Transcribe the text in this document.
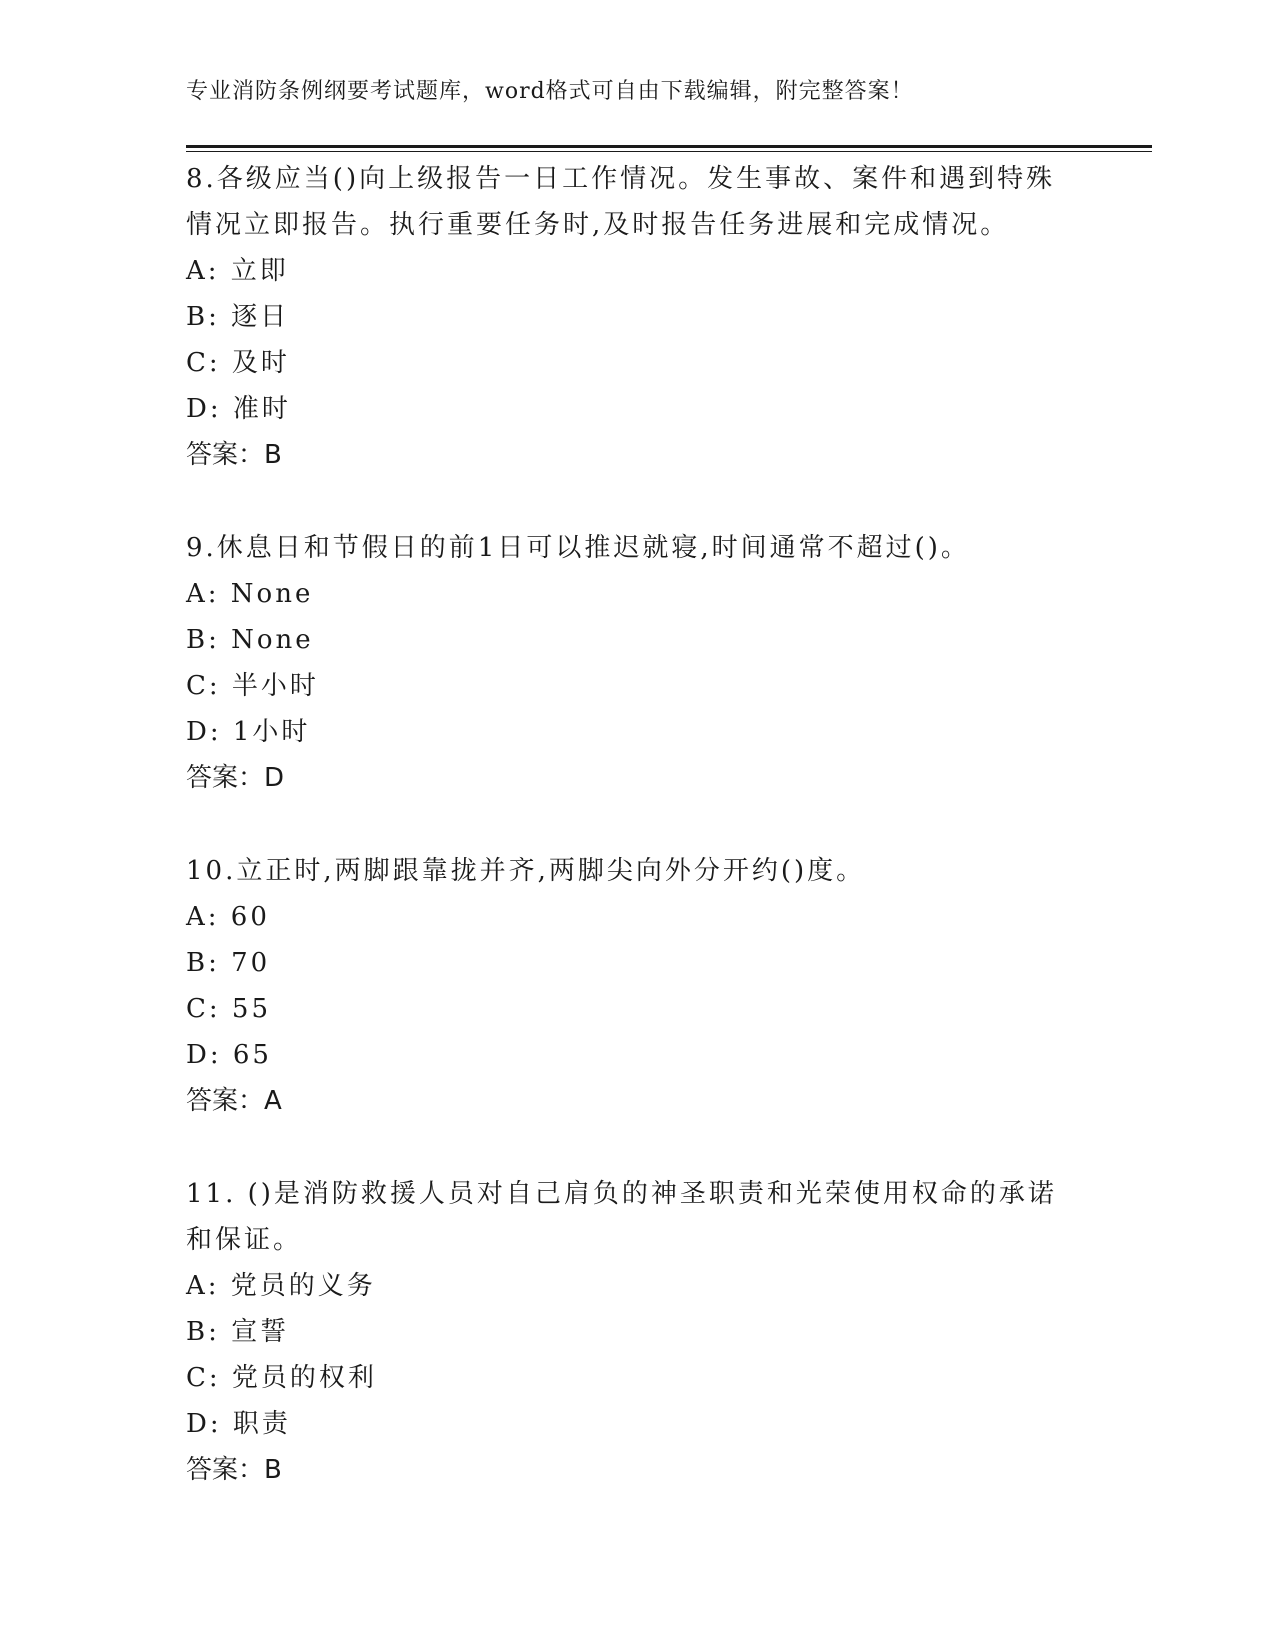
专业消防条例纲要考试题库，word格式可自由下载编辑，附完整答案！

8.各级应当()向上级报告一日工作情况。发生事故、案件和遇到特殊情况立即报告。执行重要任务时,及时报告任务进展和完成情况。

A: 立即
B: 逐日
C: 及时
D: 准时
答案：B

9.休息日和节假日的前1日可以推迟就寝,时间通常不超过()。

A: None
B: None
C: 半小时
D: 1小时
答案：D

10.立正时,两脚跟靠拢并齐,两脚尖向外分开约()度。

A: 60
B: 70
C: 55
D: 65
答案：A

11. ()是消防救援人员对自己肩负的神圣职责和光荣使用权命的承诺和保证。

A: 党员的义务
B: 宣誓
C: 党员的权利
D: 职责
答案：B
